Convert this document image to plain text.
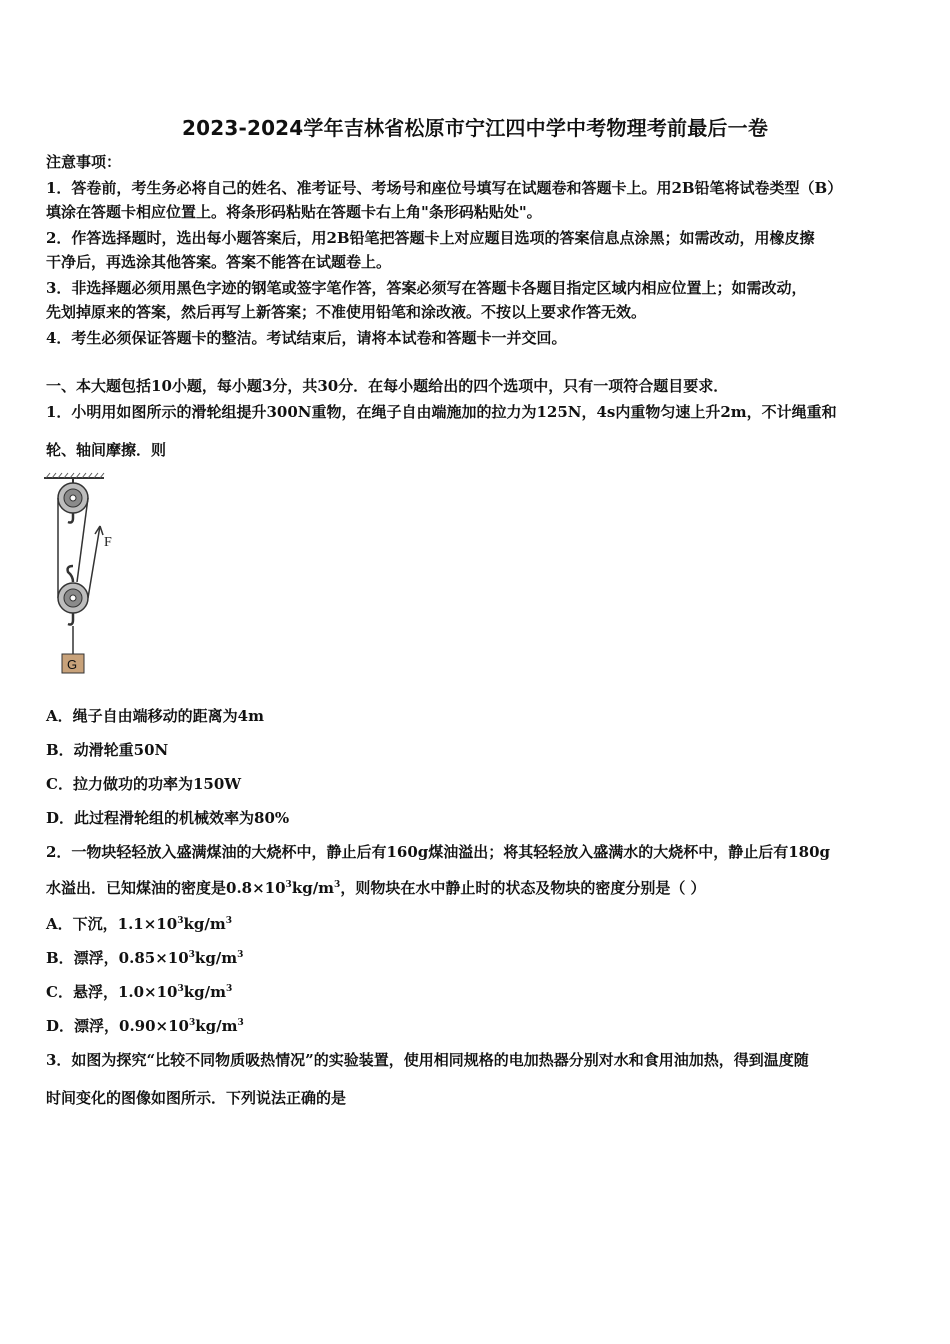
2023-2024学年吉林省松原市宁江四中学中考物理考前最后一卷
注意事项：
1．答卷前，考生务必将自己的姓名、准考证号、考场号和座位号填写在试题卷和答题卡上。用2B铅笔将试卷类型（B）
填涂在答题卡相应位置上。将条形码粘贴在答题卡右上角"条形码粘贴处"。
2．作答选择题时，选出每小题答案后，用2B铅笔把答题卡上对应题目选项的答案信息点涂黑；如需改动，用橡皮擦
干净后，再选涂其他答案。答案不能答在试题卷上。
3．非选择题必须用黑色字迹的钢笔或签字笔作答，答案必须写在答题卡各题目指定区域内相应位置上；如需改动，
先划掉原来的答案，然后再写上新答案；不准使用铅笔和涂改液。不按以上要求作答无效。
4．考生必须保证答题卡的整洁。考试结束后，请将本试卷和答题卡一并交回。
一、本大题包括10小题，每小题3分，共30分．在每小题给出的四个选项中，只有一项符合题目要求．
1．小明用如图所示的滑轮组提升300N重物，在绳子自由端施加的拉力为125N，4s内重物匀速上升2m，不计绳重和
轮、轴间摩擦．则
F
G
A．绳子自由端移动的距离为4m
B．动滑轮重50N
C．拉力做功的功率为150W
D．此过程滑轮组的机械效率为80%
2．一物块轻轻放入盛满煤油的大烧杯中，静止后有160g煤油溢出；将其轻轻放入盛满水的大烧杯中，静止后有180g
水溢出．已知煤油的密度是$0.8\times 10^3kg/m^3$，则物块在水中静止时的状态及物块的密度分别是（ ）
A．下沉，$1.1\times 10^3kg/m^3$
B．漂浮，$0.85\times 10^3kg/m^3$
C．悬浮，$1.0\times 10^3kg/m^3$
D．漂浮，$0.90\times 10^3kg/m^3$
3．如图为探究“比较不同物质吸热情况”的实验装置，使用相同规格的电加热器分别对水和食用油加热，得到温度随
时间变化的图像如图所示．下列说法正确的是
